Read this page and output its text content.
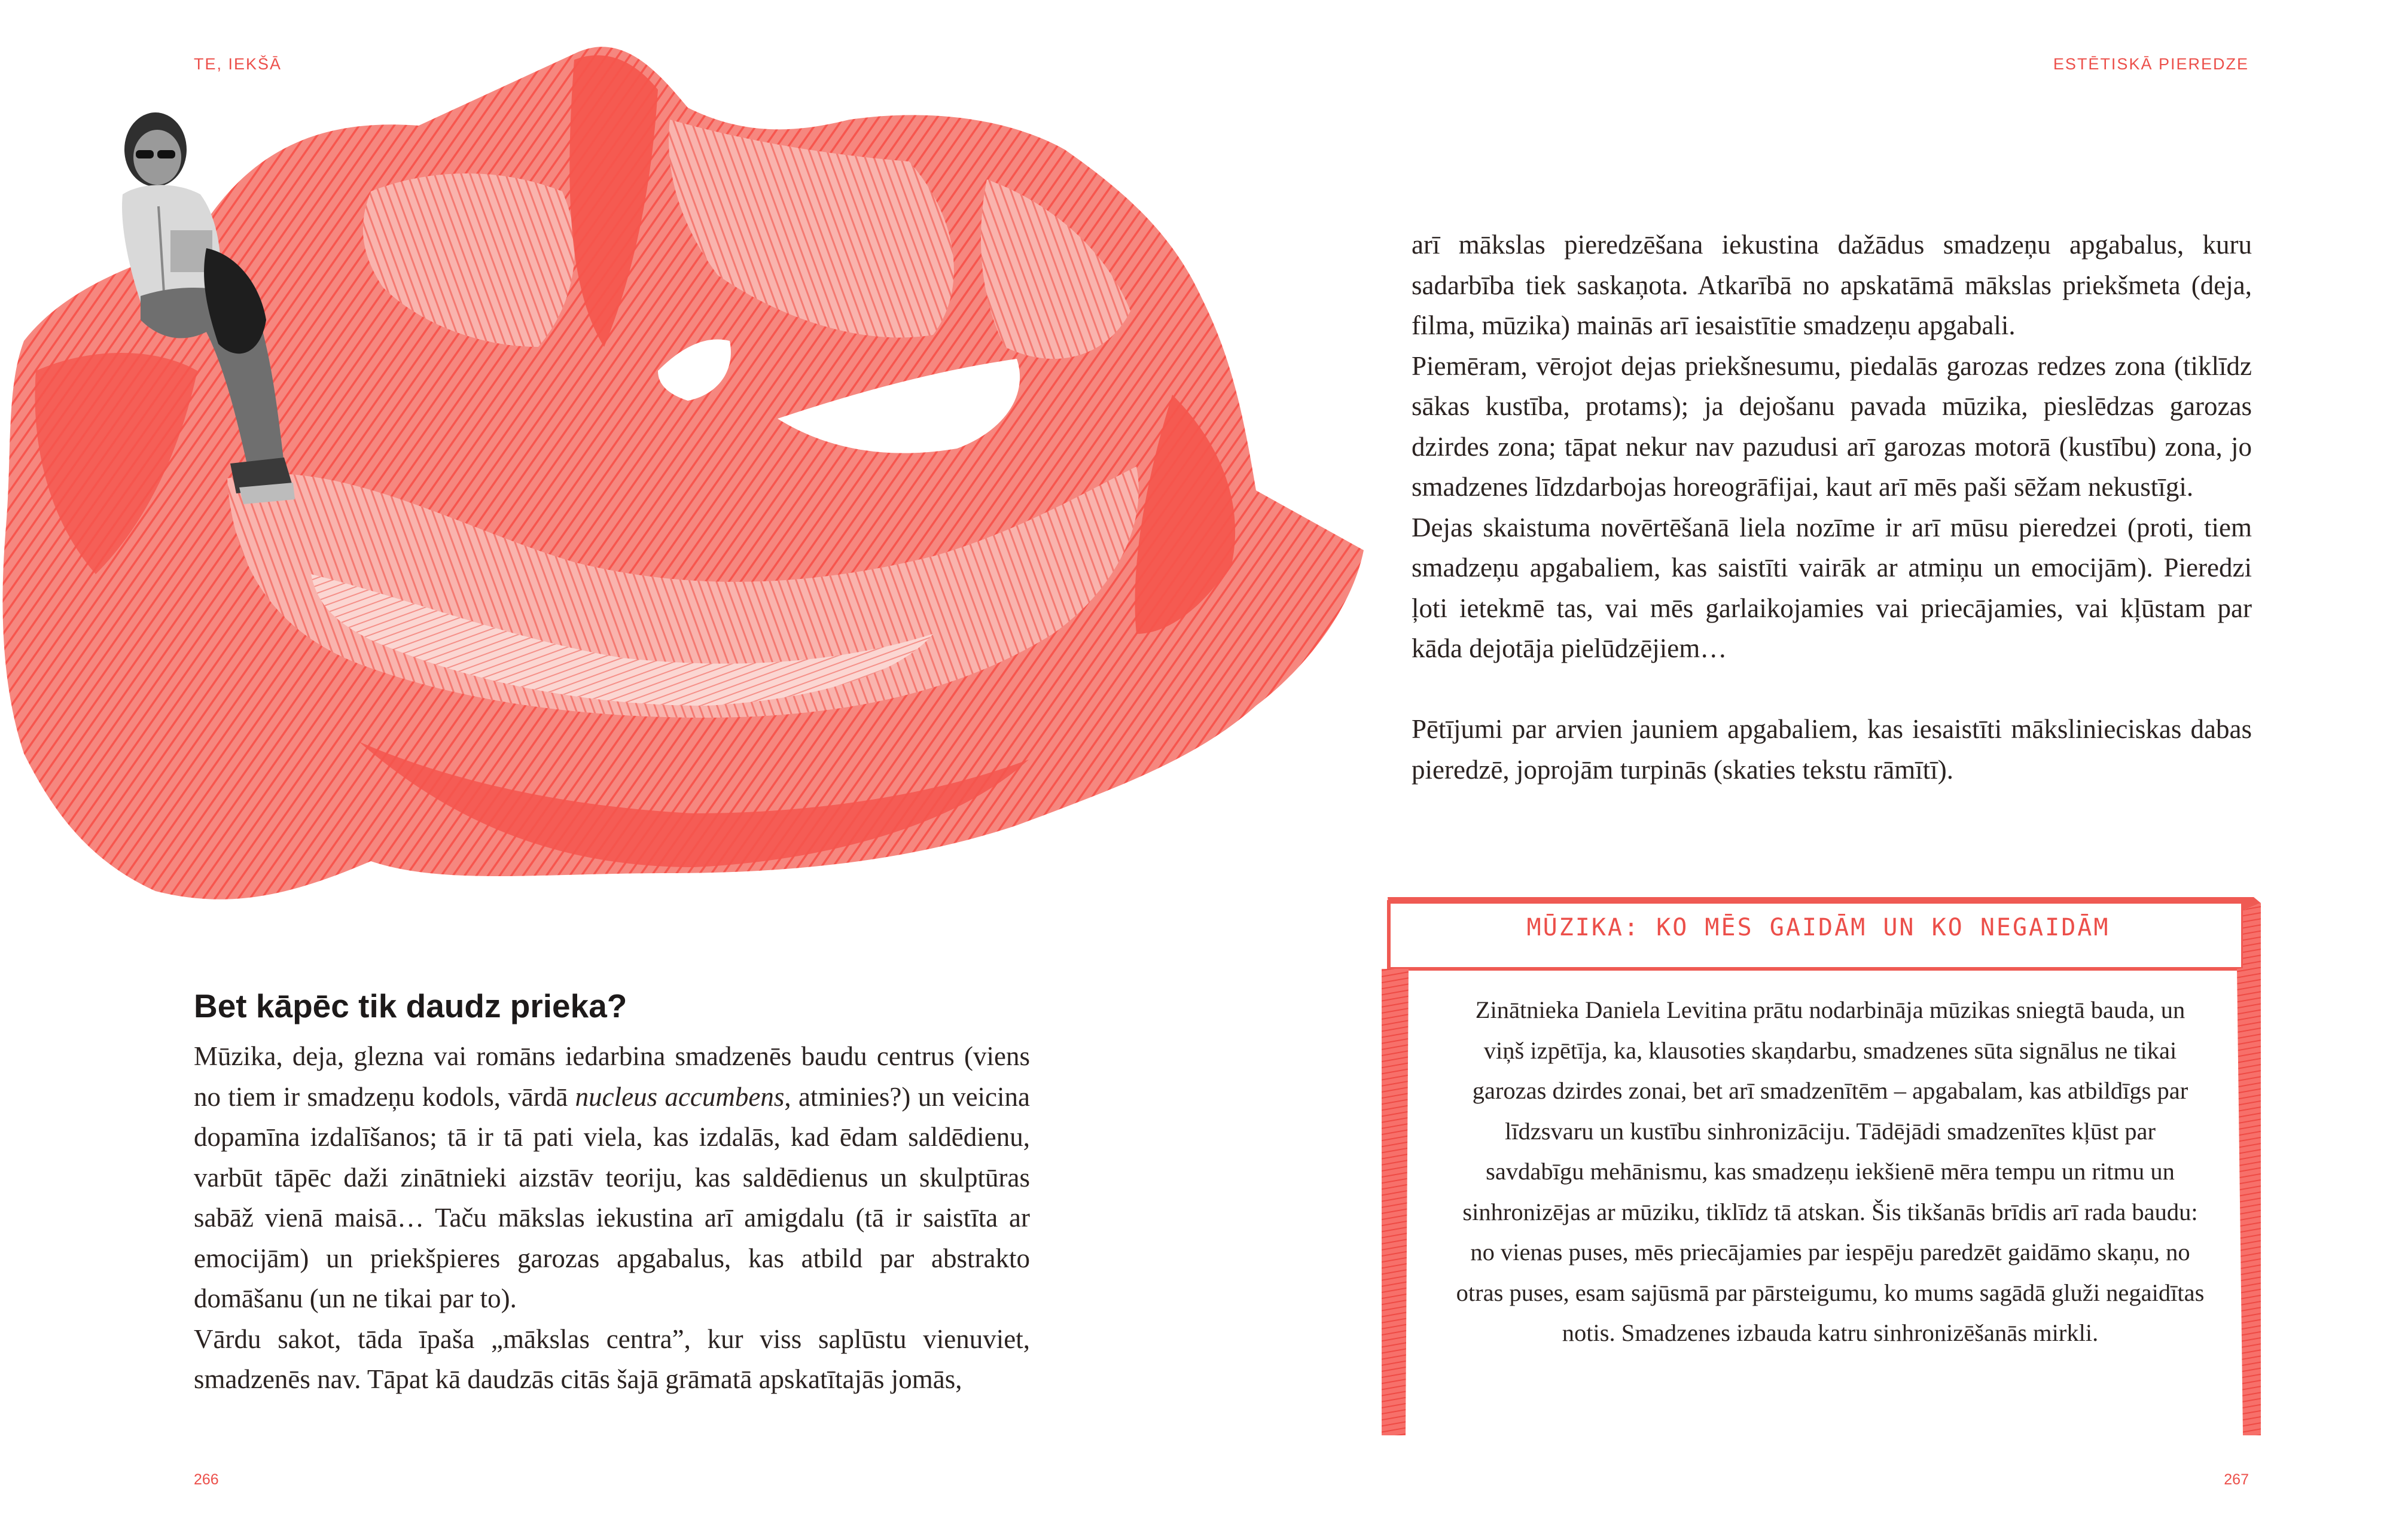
TE, IEKŠĀ	ESTĒTISKĀ PIEREDZE
Bet kāpēc tik daudz prieka?

Mūzika, deja, glezna vai romāns iedarbina smadzenēs baudu centrus (viens no tiem ir smadzeņu kodols, vārdā nucleus accumbens, atminies?) un veicina dopamīna izdalīšanos; tā ir tā pati viela, kas izdalās, kad ēdam saldēdienu, varbūt tāpēc daži zinātnieki aizstāv teoriju, kas saldēdienus un skulptūras sabāž vienā maisā… Taču mākslas iekustina arī amigdalu (tā ir saistīta ar emocijām) un priekšpieres garozas apgabalus, kas atbild par abstrakto domāšanu (un ne tikai par to).

Vārdu sakot, tāda īpaša „mākslas centra”, kur viss saplūstu vienuviet, smadzenēs nav. Tāpat kā daudzās citās šajā grāmatā apskatītajās jomās,

arī mākslas pieredzēšana iekustina dažādus smadzeņu apgabalus, kuru sadarbība tiek saskaņota. Atkarībā no apskatāmā mākslas priekšmeta (deja, filma, mūzika) mainās arī iesaistītie smadzeņu apgabali.

Piemēram, vērojot dejas priekšnesumu, piedalās garozas redzes zona (tiklīdz sākas kustība, protams); ja dejošanu pavada mūzika, pieslēdzas garozas dzirdes zona; tāpat nekur nav pazudusi arī garozas motorā (kustību) zona, jo smadzenes līdzdarbojas horeogrāfijai, kaut arī mēs paši sēžam nekustīgi.

Dejas skaistuma novērtēšanā liela nozīme ir arī mūsu pieredzei (proti, tiem smadzeņu apgabaliem, kas saistīti vairāk ar atmiņu un emocijām). Pieredzi ļoti ietekmē tas, vai mēs garlaikojamies vai priecājamies, vai kļūstam par kāda dejotāja pielūdzējiem…

Pētījumi par arvien jauniem apgabaliem, kas iesaistīti mākslinieciskas dabas pieredzē, joprojām turpinās (skaties tekstu rāmītī).

MŪZIKA: KO MĒS GAIDĀM UN KO NEGAIDĀM
Zinātnieka Daniela Levitina prātu nodarbināja mūzikas sniegtā bauda, un viņš izpētīja, ka, klausoties skaņdarbu, smadzenes sūta signālus ne tikai garozas dzirdes zonai, bet arī smadzenītēm – apgabalam, kas atbildīgs par līdzsvaru un kustību sinhronizāciju. Tādējādi smadzenītes kļūst par savdabīgu mehānismu, kas smadzeņu iekšienē mēra tempu un ritmu un sinhronizējas ar mūziku, tiklīdz tā atskan. Šis tikšanās brīdis arī rada baudu: no vienas puses, mēs priecājamies par iespēju paredzēt gaidāmo skaņu, no otras puses, esam sajūsmā par pārsteigumu, ko mums sagādā gluži negaidītas notis. Smadzenes izbauda katru sinhronizēšanās mirkli.
266	267
